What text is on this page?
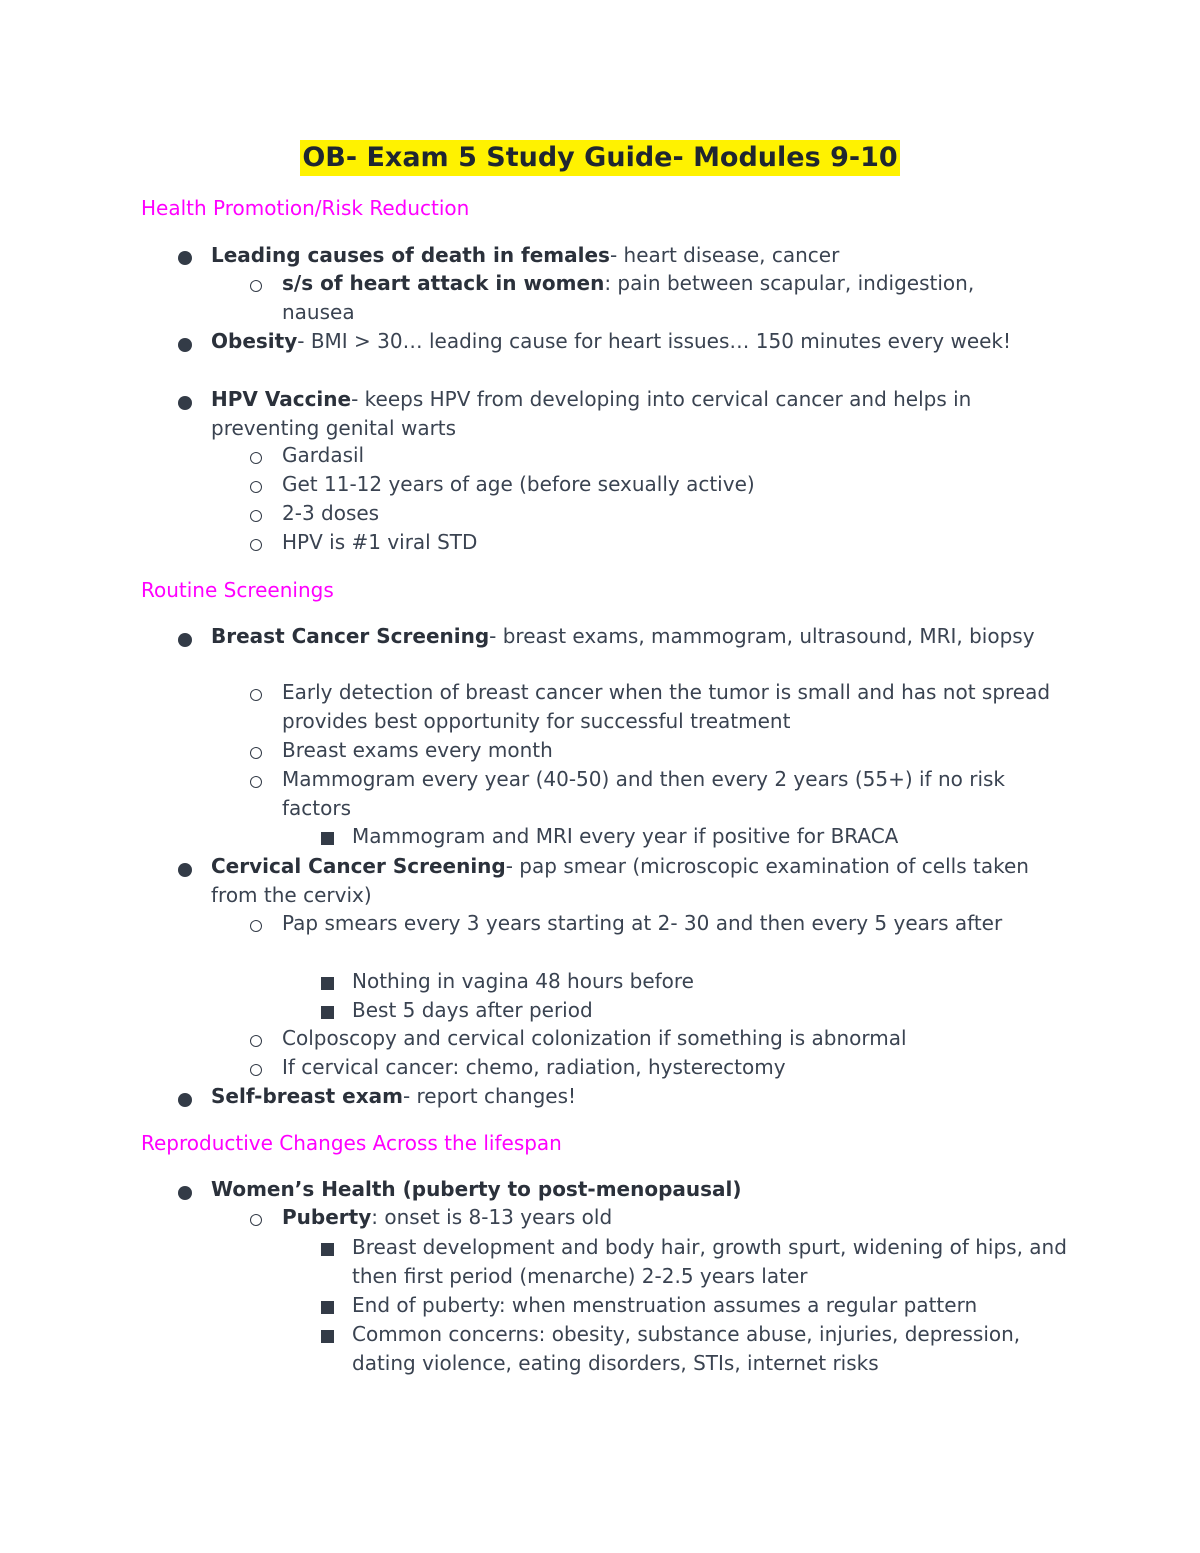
OB- Exam 5 Study Guide- Modules 9-10
Health Promotion/Risk Reduction
Leading causes of death in females- heart disease, cancer
s/s of heart attack in women: pain between scapular, indigestion, nausea
Obesity- BMI > 30… leading cause for heart issues… 150 minutes every week!
HPV Vaccine- keeps HPV from developing into cervical cancer and helps in preventing genital warts
Gardasil
Get 11-12 years of age (before sexually active)
2-3 doses
HPV is #1 viral STD
Routine Screenings
Breast Cancer Screening- breast exams, mammogram, ultrasound, MRI, biopsy
Early detection of breast cancer when the tumor is small and has not spread provides best opportunity for successful treatment
Breast exams every month
Mammogram every year (40-50) and then every 2 years (55+) if no risk factors
Mammogram and MRI every year if positive for BRACA
Cervical Cancer Screening- pap smear (microscopic examination of cells taken from the cervix)
Pap smears every 3 years starting at 2- 30 and then every 5 years after
Nothing in vagina 48 hours before
Best 5 days after period
Colposcopy and cervical colonization if something is abnormal
If cervical cancer: chemo, radiation, hysterectomy
Self-breast exam- report changes!
Reproductive Changes Across the lifespan
Women’s Health (puberty to post-menopausal)
Puberty: onset is 8-13 years old
Breast development and body hair, growth spurt, widening of hips, and then first period (menarche) 2-2.5 years later
End of puberty: when menstruation assumes a regular pattern
Common concerns: obesity, substance abuse, injuries, depression, dating violence, eating disorders, STIs, internet risks
